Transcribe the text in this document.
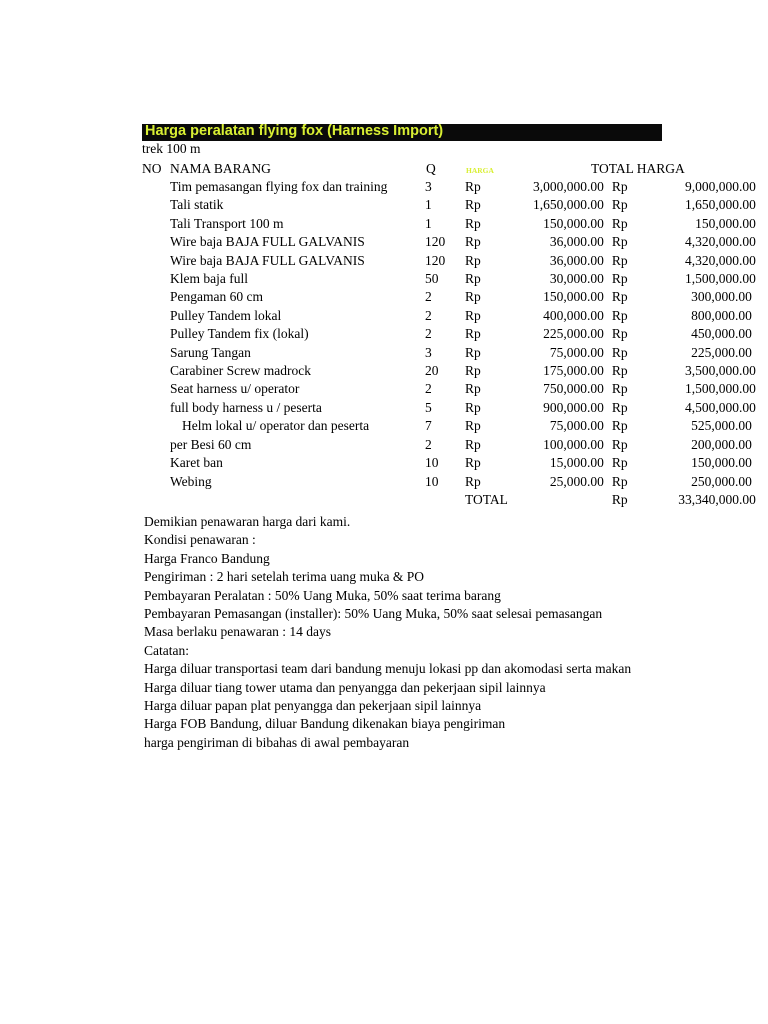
Harga peralatan flying fox (Harness Import)
trek 100 m
NO NAMA BARANG	Q	HARGA	TOTAL HARGA
Tim pemasangan flying fox dan training	3	Rp	3,000,000.00	Rp	9,000,000.00
Tali statik	1	Rp	1,650,000.00	Rp	1,650,000.00
Tali Transport 100 m	1	Rp	150,000.00	Rp	150,000.00
Wire baja BAJA FULL GALVANIS	120	Rp	36,000.00	Rp	4,320,000.00
Wire baja BAJA FULL GALVANIS	120	Rp	36,000.00	Rp	4,320,000.00
Klem baja full	50	Rp	30,000.00	Rp	1,500,000.00
Pengaman 60 cm	2	Rp	150,000.00	Rp	300,000.00
Pulley Tandem lokal	2	Rp	400,000.00	Rp	800,000.00
Pulley Tandem fix (lokal)	2	Rp	225,000.00	Rp	450,000.00
Sarung Tangan	3	Rp	75,000.00	Rp	225,000.00
Carabiner Screw madrock	20	Rp	175,000.00	Rp	3,500,000.00
Seat harness u/ operator	2	Rp	750,000.00	Rp	1,500,000.00
full body harness u / peserta	5	Rp	900,000.00	Rp	4,500,000.00
Helm lokal u/ operator dan peserta	7	Rp	75,000.00	Rp	525,000.00
per Besi 60 cm	2	Rp	100,000.00	Rp	200,000.00
Karet ban	10	Rp	15,000.00	Rp	150,000.00
Webing	10	Rp	25,000.00	Rp	250,000.00
		TOTAL		Rp	33,340,000.00
Demikian penawaran harga dari kami.
Kondisi penawaran :
Harga Franco Bandung
Pengiriman : 2 hari setelah terima uang muka & PO
Pembayaran Peralatan : 50% Uang Muka, 50% saat terima barang
Pembayaran Pemasangan (installer): 50% Uang Muka, 50% saat selesai pemasangan
Masa berlaku penawaran : 14 days
Catatan:
Harga diluar transportasi team dari bandung menuju lokasi pp dan akomodasi serta makan
Harga diluar tiang tower utama dan penyangga dan pekerjaan sipil lainnya
Harga diluar papan plat penyangga dan pekerjaan sipil lainnya
Harga FOB Bandung, diluar Bandung dikenakan biaya pengiriman
harga pengiriman di bibahas di awal pembayaran
